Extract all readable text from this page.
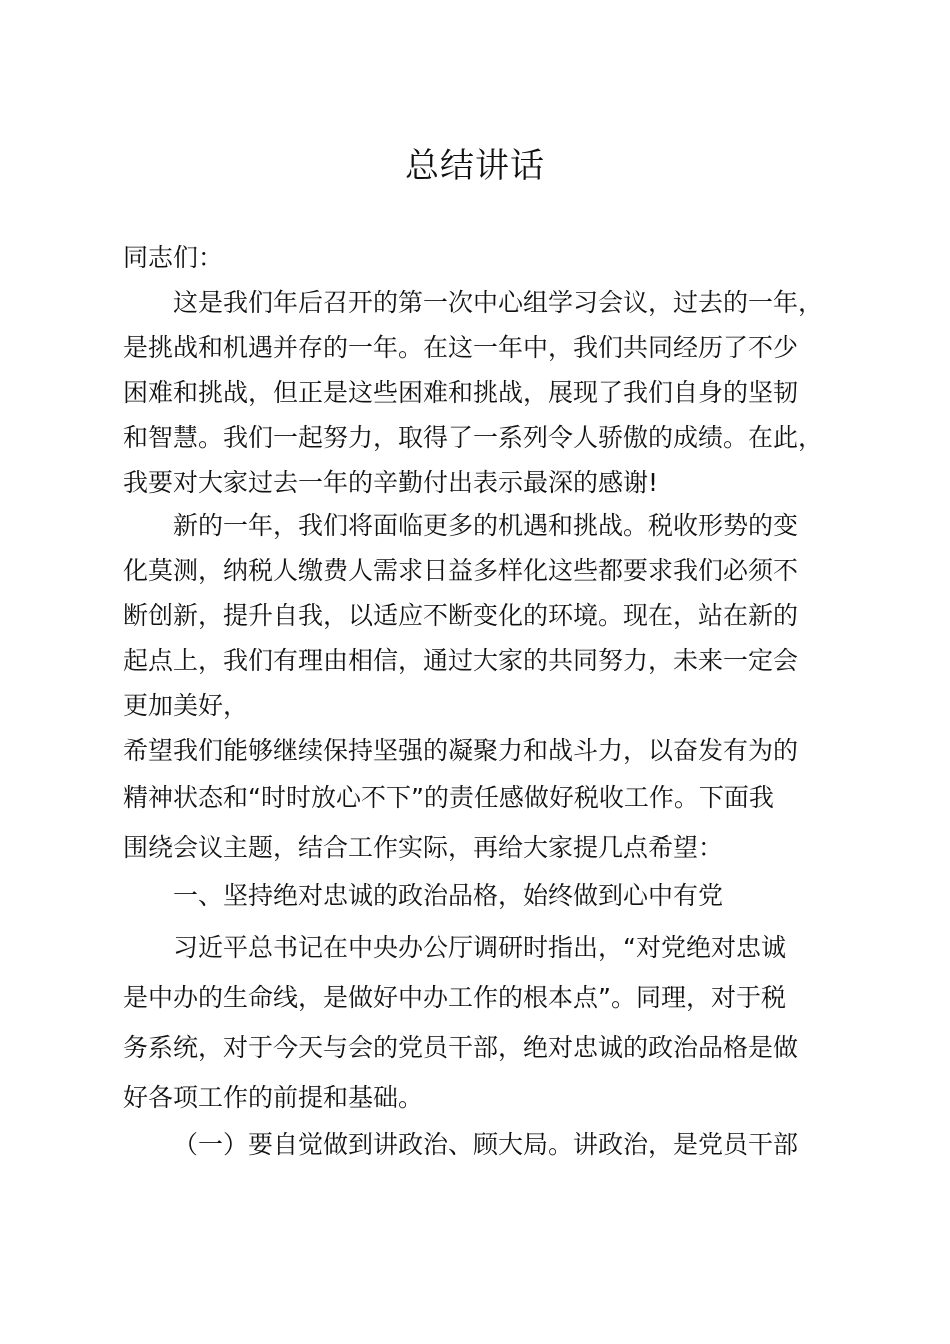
总结讲话

同志们：

这是我们年后召开的第一次中心组学习会议，过去的一年，

是挑战和机遇并存的一年。在这一年中，我们共同经历了不少

困难和挑战，但正是这些困难和挑战，展现了我们自身的坚韧

和智慧。我们一起努力，取得了一系列令人骄傲的成绩。在此，

我要对大家过去一年的辛勤付出表示最深的感谢!

新的一年，我们将面临更多的机遇和挑战。税收形势的变

化莫测，纳税人缴费人需求日益多样化这些都要求我们必须不

断创新，提升自我，以适应不断变化的环境。现在，站在新的

起点上，我们有理由相信，通过大家的共同努力，未来一定会

更加美好，

希望我们能够继续保持坚强的凝聚力和战斗力，以奋发有为的

精神状态和“时时放心不下”的责任感做好税收工作。下面我

围绕会议主题，结合工作实际，再给大家提几点希望：

一、坚持绝对忠诚的政治品格，始终做到心中有党

习近平总书记在中央办公厅调研时指出，“对党绝对忠诚

是中办的生命线，是做好中办工作的根本点”。同理，对于税

务系统，对于今天与会的党员干部，绝对忠诚的政治品格是做

好各项工作的前提和基础。

（一）要自觉做到讲政治、顾大局。讲政治，是党员干部
